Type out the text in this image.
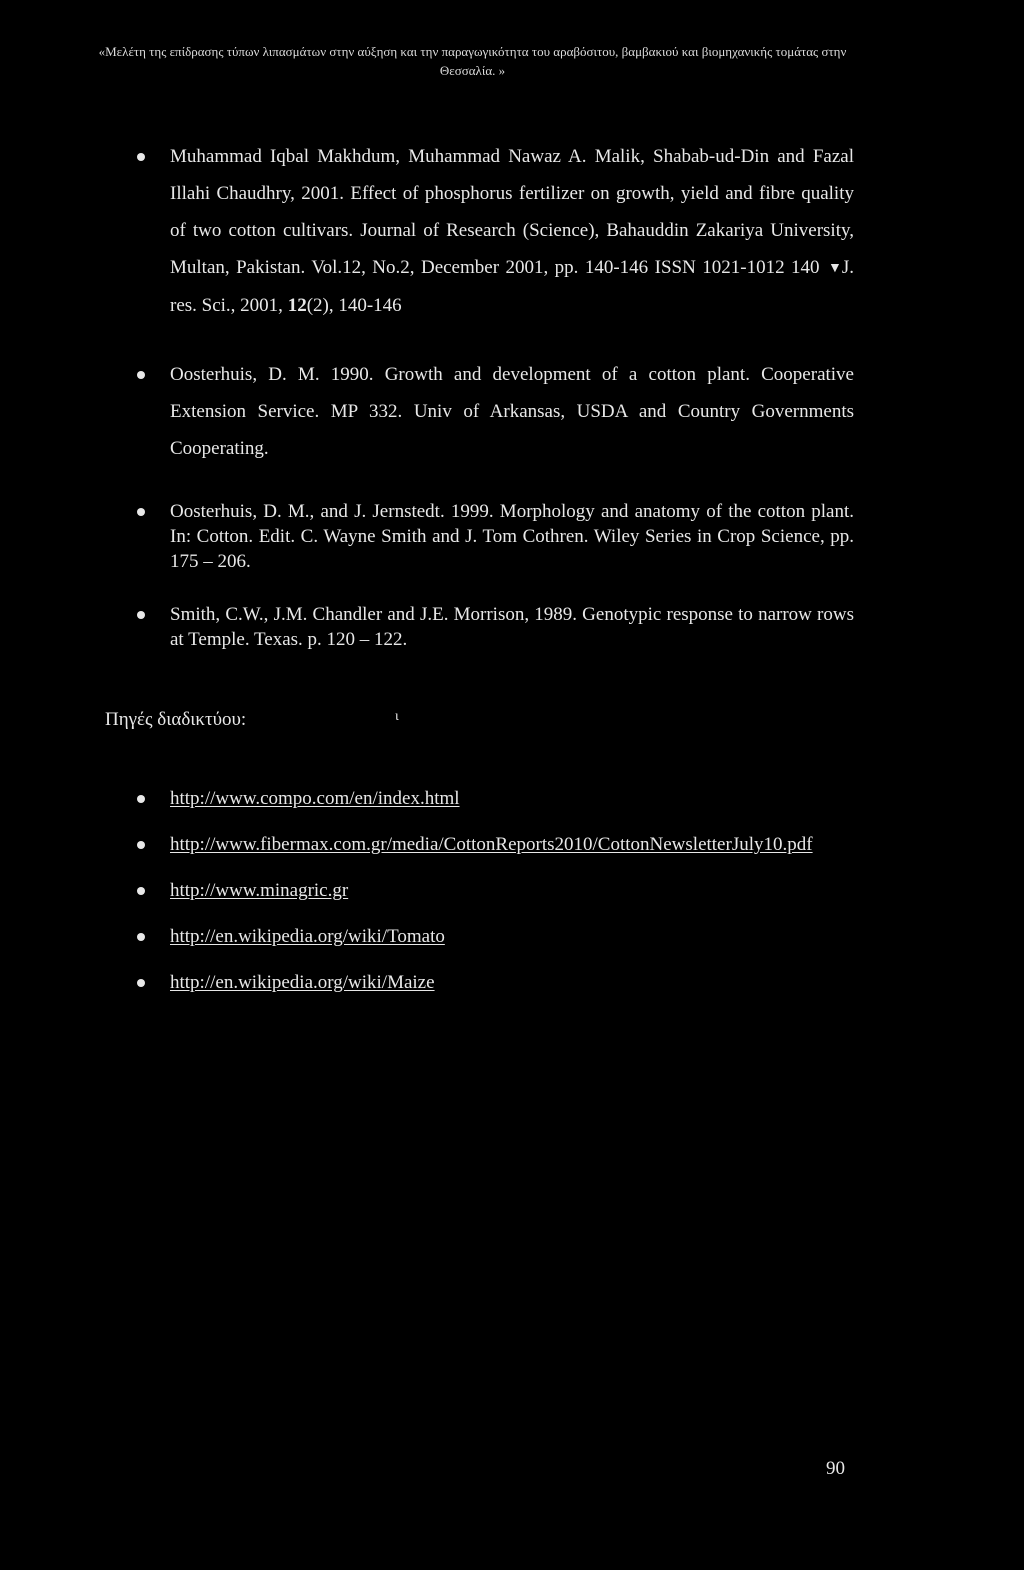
«Μελέτη της επίδρασης τύπων λιπασμάτων στην αύξηση και την παραγωγικότητα του αραβόσιτου, βαμβακιού και βιομηχανικής τομάτας στην Θεσσαλία. »
Muhammad Iqbal Makhdum, Muhammad Nawaz A. Malik, Shabab-ud-Din and Fazal Illahi Chaudhry, 2001. Effect of phosphorus fertilizer on growth, yield and fibre quality of two cotton cultivars. Journal of Research (Science), Bahauddin Zakariya University, Multan, Pakistan. Vol.12, No.2, December 2001, pp. 140-146 ISSN 1021-1012 140 ▼J. res. Sci., 2001, 12(2), 140-146
Oosterhuis, D. M. 1990. Growth and development of a cotton plant. Cooperative Extension Service. MP 332. Univ of Arkansas, USDA and Country Governments Cooperating.
Oosterhuis, D. M., and J. Jernstedt. 1999. Morphology and anatomy of the cotton plant. In: Cotton. Edit. C. Wayne Smith and J. Tom Cothren. Wiley Series in Crop Science, pp. 175 – 206.
Smith, C.W., J.M. Chandler and J.E. Morrison, 1989. Genotypic response to narrow rows at Temple. Texas. p. 120 – 122.
Πηγές διαδικτύου:	ι
http://www.compo.com/en/index.html
http://www.fibermax.com.gr/media/CottonReports2010/CottonNewsletterJuly10.pdf
http://www.minagric.gr
http://en.wikipedia.org/wiki/Tomato
http://en.wikipedia.org/wiki/Maize
90
